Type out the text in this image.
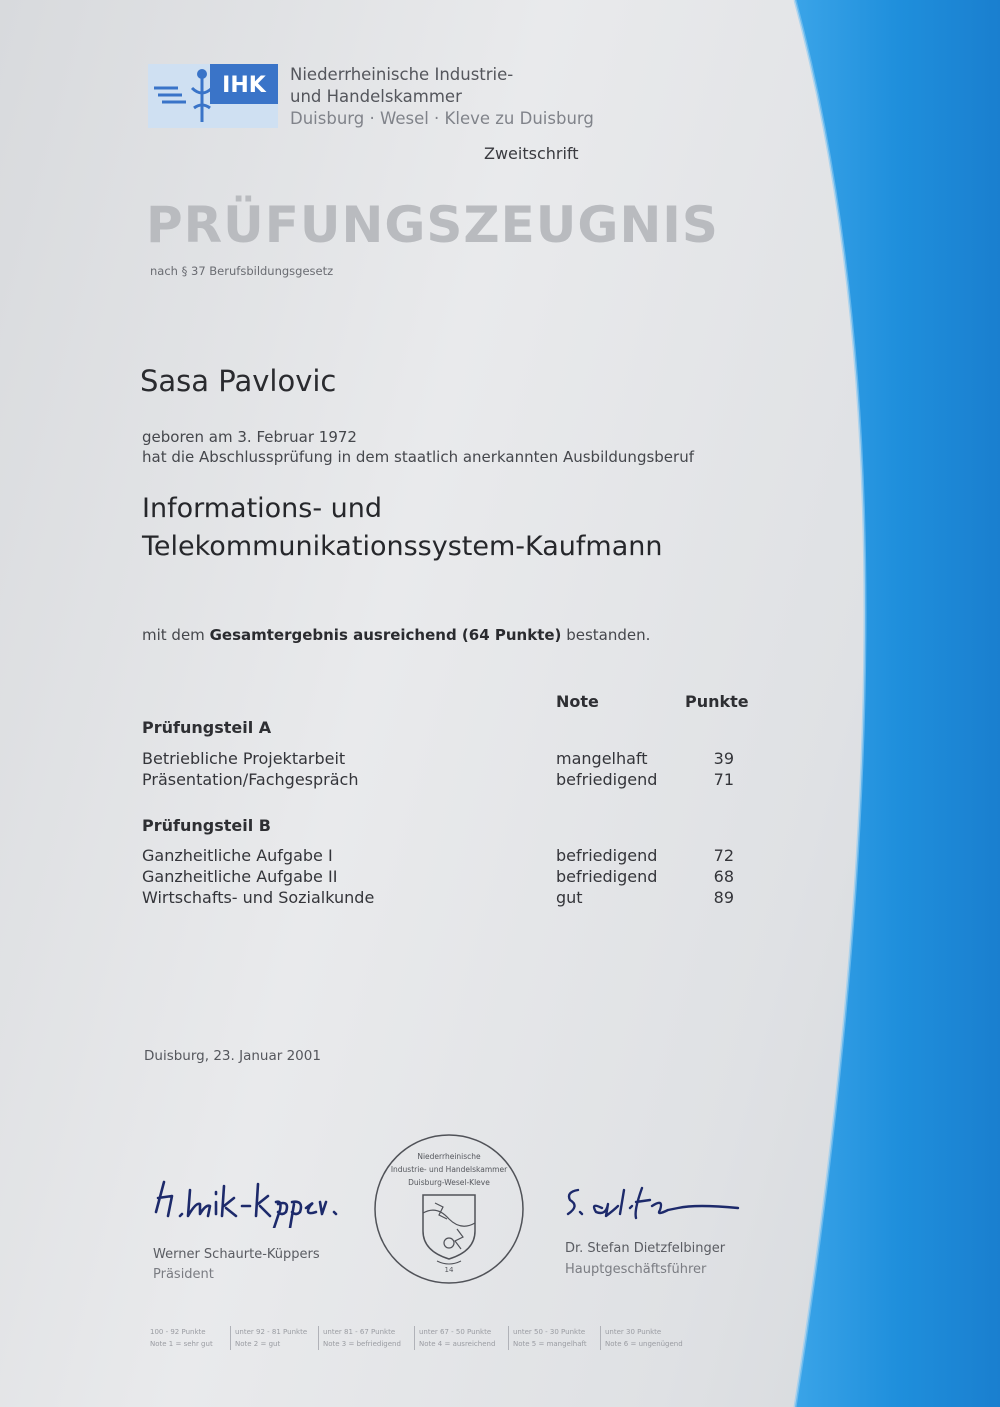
IHK Niederrheinische Industrie-
und Handelskammer
Duisburg · Wesel · Kleve zu Duisburg
Zweitschrift
PRÜFUNGSZEUGNIS
nach § 37 Berufsbildungsgesetz
Sasa Pavlovic
geboren am 3. Februar 1972
hat die Abschlussprüfung in dem staatlich anerkannten Ausbildungsberuf
Informations- und
Telekommunikationssystem-Kaufmann
mit dem Gesamtergebnis ausreichend (64 Punkte) bestanden.
Note	Punkte
Prüfungsteil A
Betriebliche Projektarbeit	mangelhaft	39
Präsentation/Fachgespräch	befriedigend	71
Prüfungsteil B
Ganzheitliche Aufgabe I	befriedigend	72
Ganzheitliche Aufgabe II	befriedigend	68
Wirtschafts- und Sozialkunde	gut	89
Duisburg, 23. Januar 2001
Werner Schaurte-Küppers
Präsident
Niederrheinische
Industrie- und Handelskammer
Duisburg-Wesel-Kleve
14
Dr. Stefan Dietzfelbinger
Hauptgeschäftsführer
100 - 92 Punkte
Note 1 = sehr gut
unter 92 - 81 Punkte
Note 2 = gut
unter 81 - 67 Punkte
Note 3 = befriedigend
unter 67 - 50 Punkte
Note 4 = ausreichend
unter 50 - 30 Punkte
Note 5 = mangelhaft
unter 30 Punkte
Note 6 = ungenügend
